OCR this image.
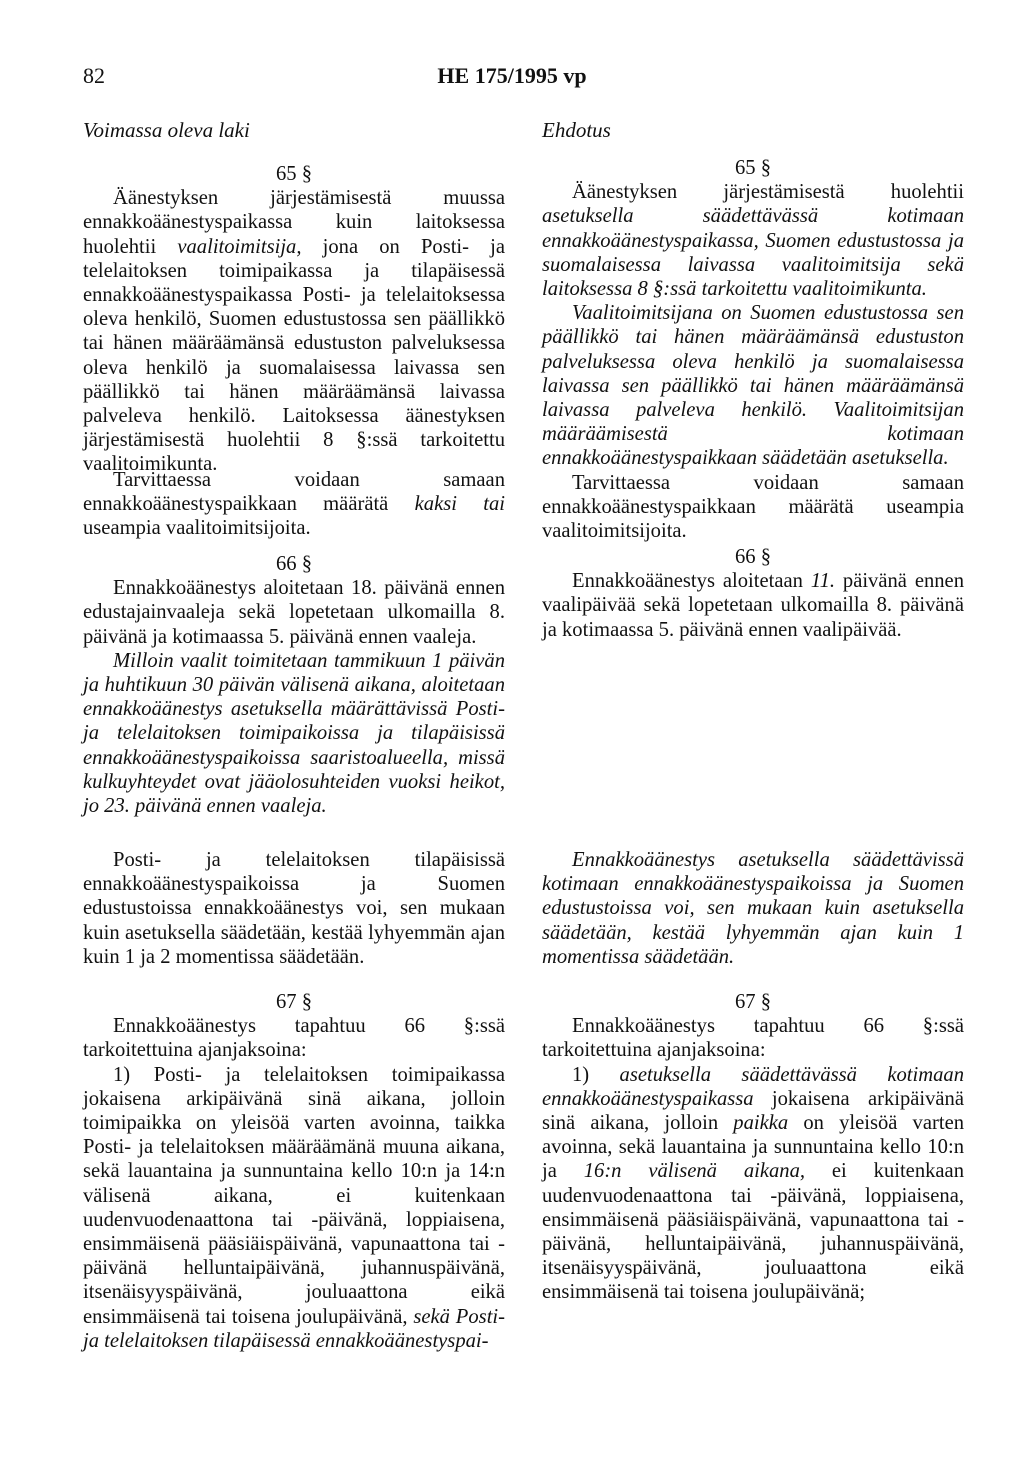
82	HE 175/1995 vp
Voimassa oleva laki	Ehdotus

65 §

Äänestyksen järjestämisestä muussa ennakkoäänestyspaikassa kuin laitoksessa huolehtii vaalitoimitsija, jona on Posti- ja telelaitoksen toimipaikassa ja tilapäisessä ennakkoäänestyspaikassa Posti- ja telelaitoksessa oleva henkilö, Suomen edustustossa sen päällikkö tai hänen määräämänsä edustuston palveluksessa oleva henkilö ja suomalaisessa laivassa sen päällikkö tai hänen määräämänsä laivassa palveleva henkilö. Laitoksessa äänestyksen järjestämisestä huolehtii 8 §:ssä tarkoitettu vaalitoimikunta.

Tarvittaessa voidaan samaan ennakkoäänestyspaikkaan määrätä kaksi tai useampia vaalitoimitsijoita.

66 §

Ennakkoäänestys aloitetaan 18. päivänä ennen edustajainvaaleja sekä lopetetaan ulkomailla 8. päivänä ja kotimaassa 5. päivänä ennen vaaleja.

Milloin vaalit toimitetaan tammikuun 1 päivän ja huhtikuun 30 päivän välisenä aikana, aloitetaan ennakkoäänestys asetuksella määrättävissä Posti- ja telelaitoksen toimipaikoissa ja tilapäisissä ennakkoäänestyspaikoissa saaristoalueella, missä kulkuyhteydet ovat jääolosuhteiden vuoksi heikot, jo 23. päivänä ennen vaaleja.

Posti- ja telelaitoksen tilapäisissä ennakkoäänestyspaikoissa ja Suomen edustustoissa ennakkoäänestys voi, sen mukaan kuin asetuksella säädetään, kestää lyhyemmän ajan kuin 1 ja 2 momentissa säädetään.

67 §

Ennakkoäänestys tapahtuu 66 §:ssä tarkoitettuina ajanjaksoina:

1) Posti- ja telelaitoksen toimipaikassa jokaisena arkipäivänä sinä aikana, jolloin toimipaikka on yleisöä varten avoinna, taikka Posti- ja telelaitoksen määräämänä muuna aikana, sekä lauantaina ja sunnuntaina kello 10:n ja 14:n välisenä aikana, ei kuitenkaan uudenvuodenaattona tai -päivänä, loppiaisena, ensimmäisenä pääsiäispäivänä, vapunaattona tai -päivänä helluntaipäivänä, juhannuspäivänä, itsenäisyyspäivänä, jouluaattona eikä ensimmäisenä tai toisena joulupäivänä, sekä Posti- ja telelaitoksen tilapäisessä ennakkoäänestyspai-

65 §

Äänestyksen järjestämisestä huolehtii asetuksella säädettävässä kotimaan ennakkoäänestyspaikassa, Suomen edustustossa ja suomalaisessa laivassa vaalitoimitsija sekä laitoksessa 8 §:ssä tarkoitettu vaalitoimikunta.

Vaalitoimitsijana on Suomen edustustossa sen päällikkö tai hänen määräämänsä edustuston palveluksessa oleva henkilö ja suomalaisessa laivassa sen päällikkö tai hänen määräämänsä laivassa palveleva henkilö. Vaalitoimitsijan määräämisestä kotimaan ennakkoäänestyspaikkaan säädetään asetuksella.

Tarvittaessa voidaan samaan ennakkoäänestyspaikkaan määrätä useampia vaalitoimitsijoita.

66 §

Ennakkoäänestys aloitetaan 11. päivänä ennen vaalipäivää sekä lopetetaan ulkomailla 8. päivänä ja kotimaassa 5. päivänä ennen vaalipäivää.

Ennakkoäänestys asetuksella säädettävissä kotimaan ennakkoäänestyspaikoissa ja Suomen edustustoissa voi, sen mukaan kuin asetuksella säädetään, kestää lyhyemmän ajan kuin 1 momentissa säädetään.

67 §

Ennakkoäänestys tapahtuu 66 §:ssä tarkoitettuina ajanjaksoina:

1) asetuksella säädettävässä kotimaan ennakkoäänestyspaikassa jokaisena arkipäivänä sinä aikana, jolloin paikka on yleisöä varten avoinna, sekä lauantaina ja sunnuntaina kello 10:n ja 16:n välisenä aikana, ei kuitenkaan uudenvuodenaattona tai -päivänä, loppiaisena, ensimmäisenä pääsiäispäivänä, vapunaattona tai -päivänä, helluntaipäivänä, juhannuspäivänä, itsenäisyyspäivänä, jouluaattona eikä ensimmäisenä tai toisena joulupäivänä;
